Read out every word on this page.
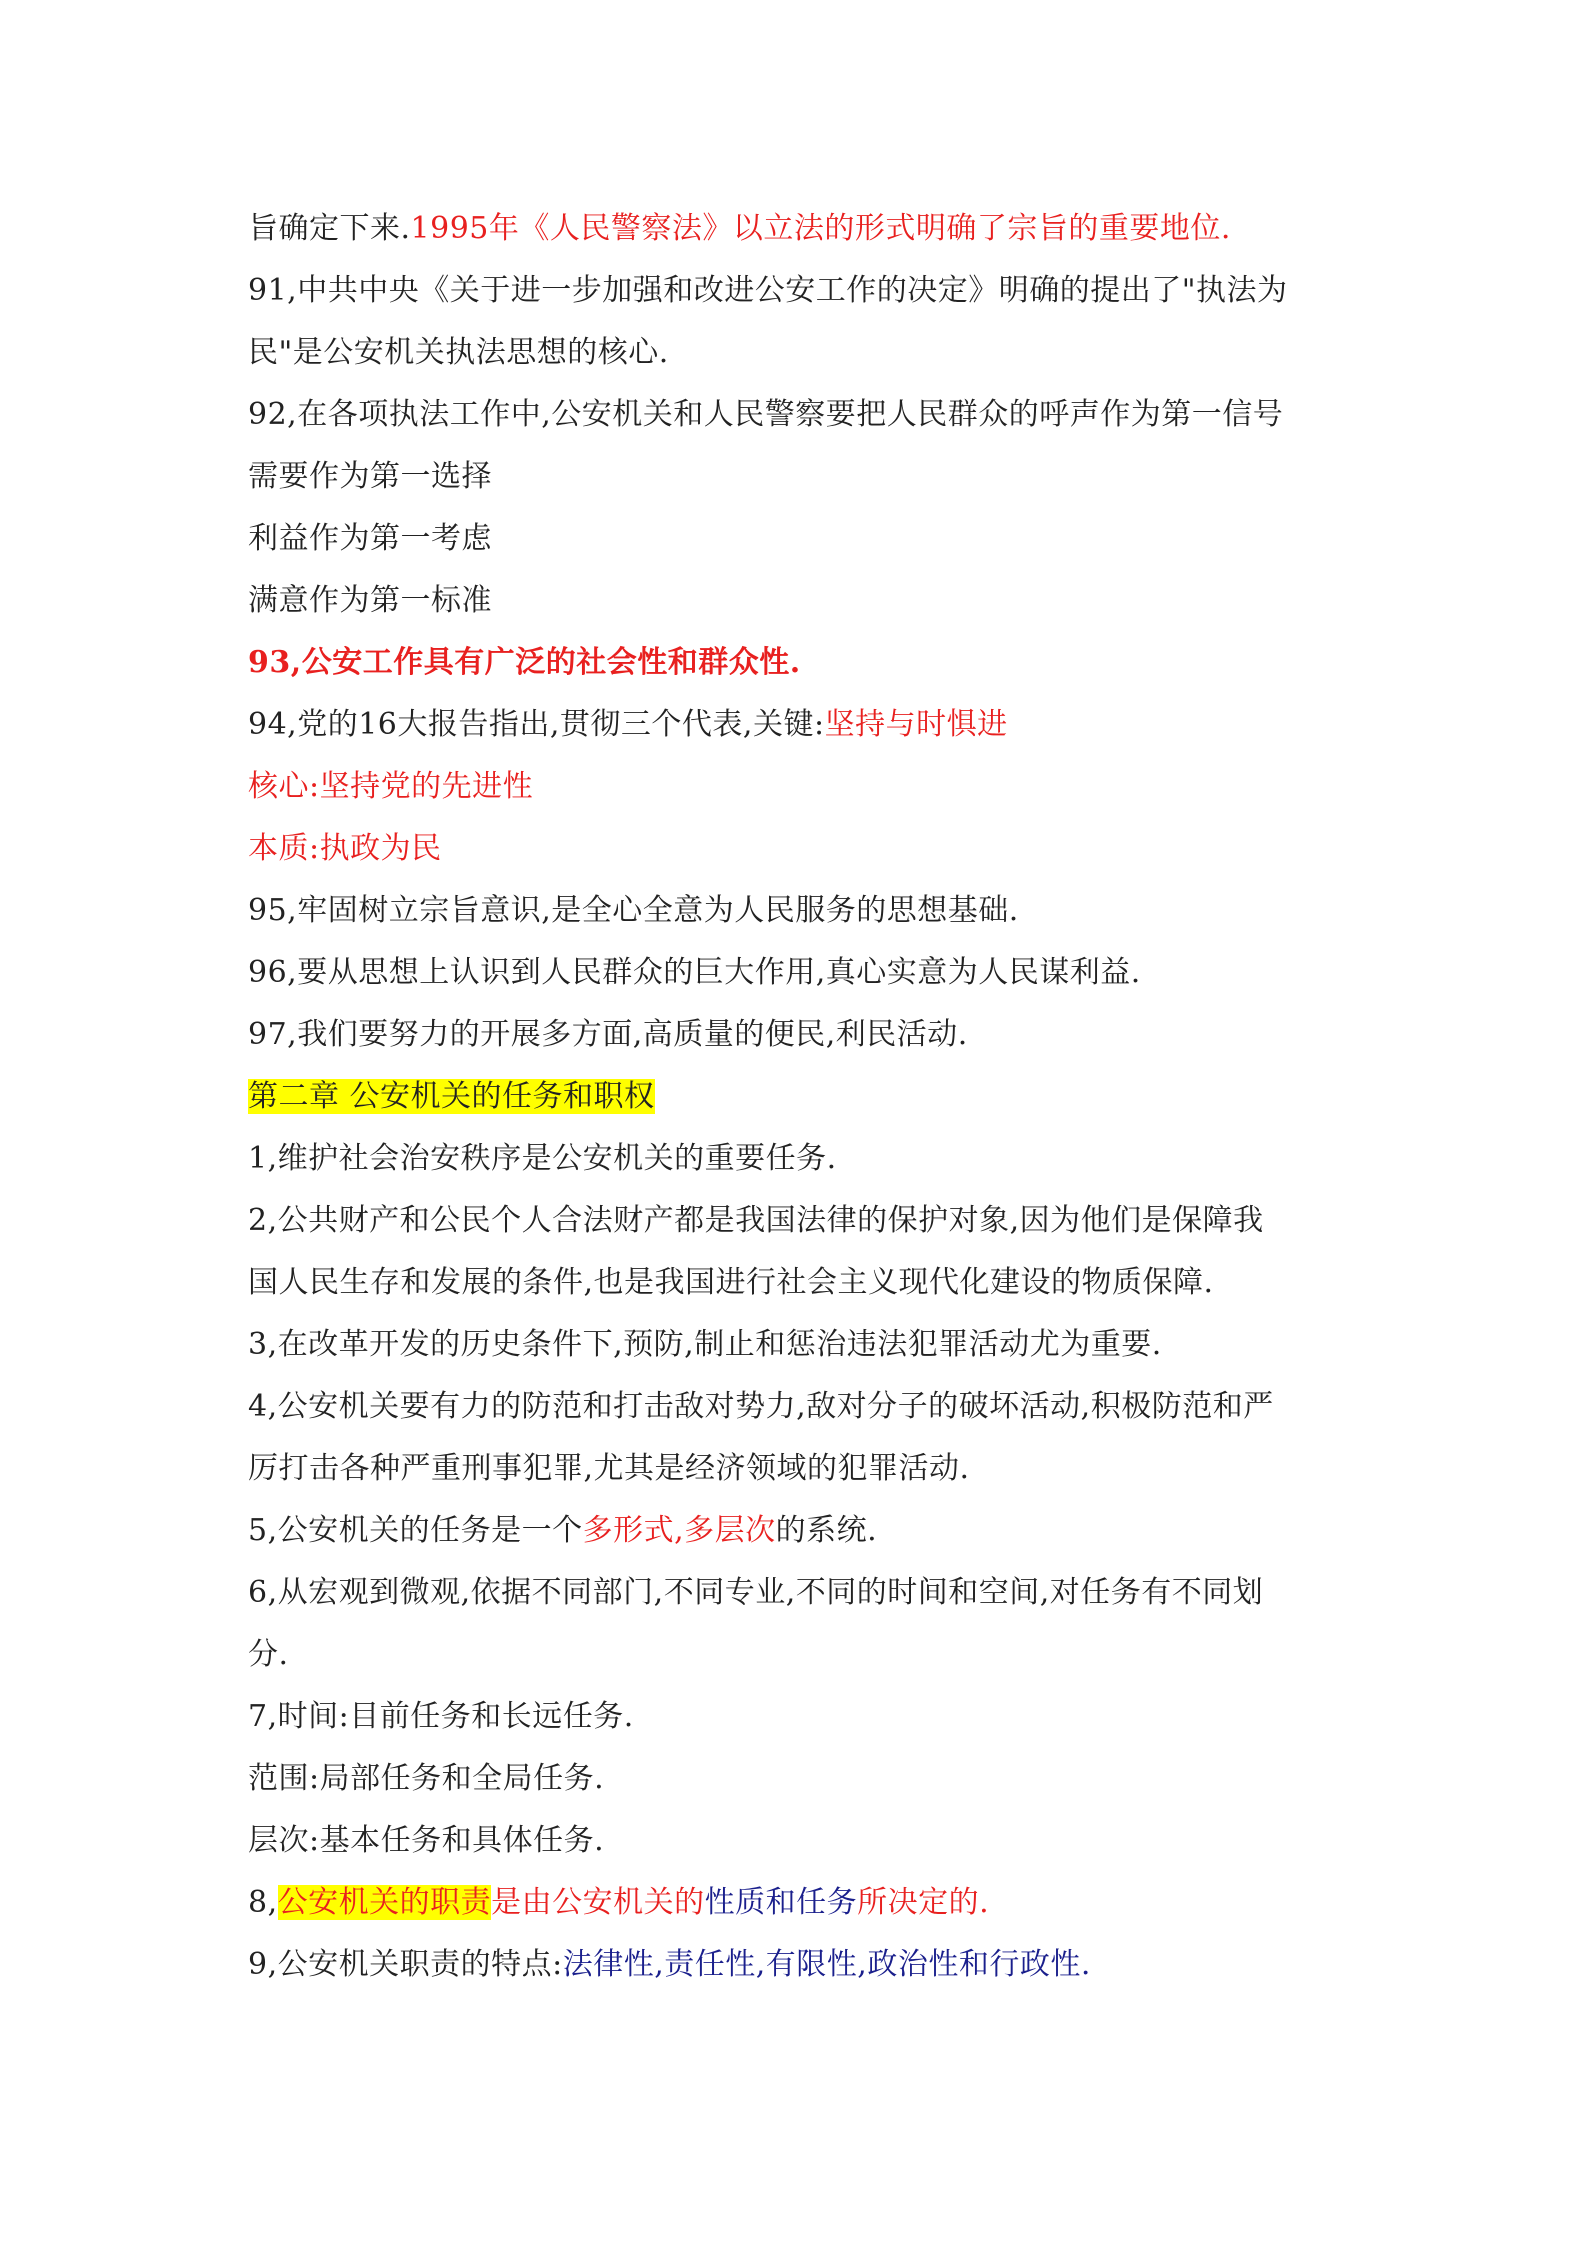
旨确定下来.1995年《人民警察法》以立法的形式明确了宗旨的重要地位.
91,中共中央《关于进一步加强和改进公安工作的决定》明确的提出了"执法为
民"是公安机关执法思想的核心.
92,在各项执法工作中,公安机关和人民警察要把人民群众的呼声作为第一信号
需要作为第一选择
利益作为第一考虑
满意作为第一标准
93,公安工作具有广泛的社会性和群众性.
94,党的16大报告指出,贯彻三个代表,关键:坚持与时惧进
核心:坚持党的先进性
本质:执政为民
95,牢固树立宗旨意识,是全心全意为人民服务的思想基础.
96,要从思想上认识到人民群众的巨大作用,真心实意为人民谋利益.
97,我们要努力的开展多方面,高质量的便民,利民活动.
第二章 公安机关的任务和职权
1,维护社会治安秩序是公安机关的重要任务.
2,公共财产和公民个人合法财产都是我国法律的保护对象,因为他们是保障我
国人民生存和发展的条件,也是我国进行社会主义现代化建设的物质保障.
3,在改革开发的历史条件下,预防,制止和惩治违法犯罪活动尤为重要.
4,公安机关要有力的防范和打击敌对势力,敌对分子的破坏活动,积极防范和严
厉打击各种严重刑事犯罪,尤其是经济领域的犯罪活动.
5,公安机关的任务是一个多形式,多层次的系统.
6,从宏观到微观,依据不同部门,不同专业,不同的时间和空间,对任务有不同划
分.
7,时间:目前任务和长远任务.
范围:局部任务和全局任务.
层次:基本任务和具体任务.
8,公安机关的职责是由公安机关的性质和任务所决定的.
9,公安机关职责的特点:法律性,责任性,有限性,政治性和行政性.
